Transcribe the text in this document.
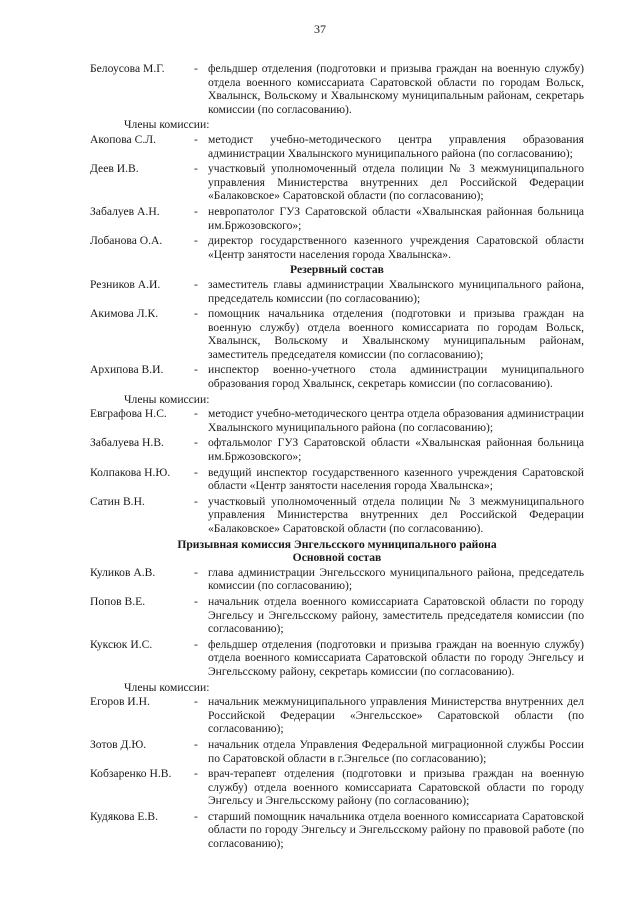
37
Белоусова М.Г.	- фельдшер отделения (подготовки и призыва граждан на военную службу) отдела военного комиссариата Саратовской области по городам Вольск, Хвалынск, Вольскому и Хвалынскому муниципальным районам, секретарь комиссии (по согласованию).
Члены комиссии:
Акопова С.Л.	- методист учебно-методического центра управления образования администрации Хвалынского муниципального района (по согласованию);
Деев И.В.	- участковый уполномоченный отдела полиции № 3 межмуниципального управления Министерства внутренних дел Российской Федерации «Балаковское» Саратовской области (по согласованию);
Забалуев А.Н.	- невропатолог ГУЗ Саратовской области «Хвалынская районная больница им.Бржозовского»;
Лобанова О.А.	- директор государственного казенного учреждения Саратовской области «Центр занятости населения города Хвалынска».
Резервный состав
Резников А.И.	- заместитель главы администрации Хвалынского муниципального района, председатель комиссии (по согласованию);
Акимова Л.К.	- помощник начальника отделения (подготовки и призыва граждан на военную службу) отдела военного комиссариата по городам Вольск, Хвалынск, Вольскому и Хвалынскому муниципальным районам, заместитель председателя комиссии (по согласованию);
Архипова В.И.	- инспектор военно-учетного стола администрации муниципального образования город Хвалынск, секретарь комиссии (по согласованию).
Члены комиссии:
Евграфова Н.С.	- методист учебно-методического центра отдела образования администрации Хвалынского муниципального района (по согласованию);
Забалуева Н.В.	- офтальмолог ГУЗ Саратовской области «Хвалынская районная больница им.Бржозовского»;
Колпакова Н.Ю.	- ведущий инспектор государственного казенного учреждения Саратовской области «Центр занятости населения города Хвалынска»;
Сатин В.Н.	- участковый уполномоченный отдела полиции № 3 межмуниципального управления Министерства внутренних дел Российской Федерации «Балаковское» Саратовской области (по согласованию).
Призывная комиссия Энгельсского муниципального района
Основной состав
Куликов А.В.	- глава администрации Энгельсского муниципального района, председатель комиссии (по согласованию);
Попов В.Е.	- начальник отдела военного комиссариата Саратовской области по городу Энгельсу и Энгельсскому району, заместитель председателя комиссии (по согласованию);
Куксюк И.С.	- фельдшер отделения (подготовки и призыва граждан на военную службу) отдела военного комиссариата Саратовской области по городу Энгельсу и Энгельсскому району, секретарь комиссии (по согласованию).
Члены комиссии:
Егоров И.Н.	- начальник межмуниципального управления Министерства внутренних дел Российской Федерации «Энгельсское» Саратовской области (по согласованию);
Зотов Д.Ю.	- начальник отдела Управления Федеральной миграционной службы России по Саратовской области в г.Энгельсе (по согласованию);
Кобзаренко Н.В.	- врач-терапевт отделения (подготовки и призыва граждан на военную службу) отдела военного комиссариата Саратовской области по городу Энгельсу и Энгельсскому району (по согласованию);
Кудякова Е.В.	- старший помощник начальника отдела военного комиссариата Саратовской области по городу Энгельсу и Энгельсскому району по правовой работе (по согласованию);
